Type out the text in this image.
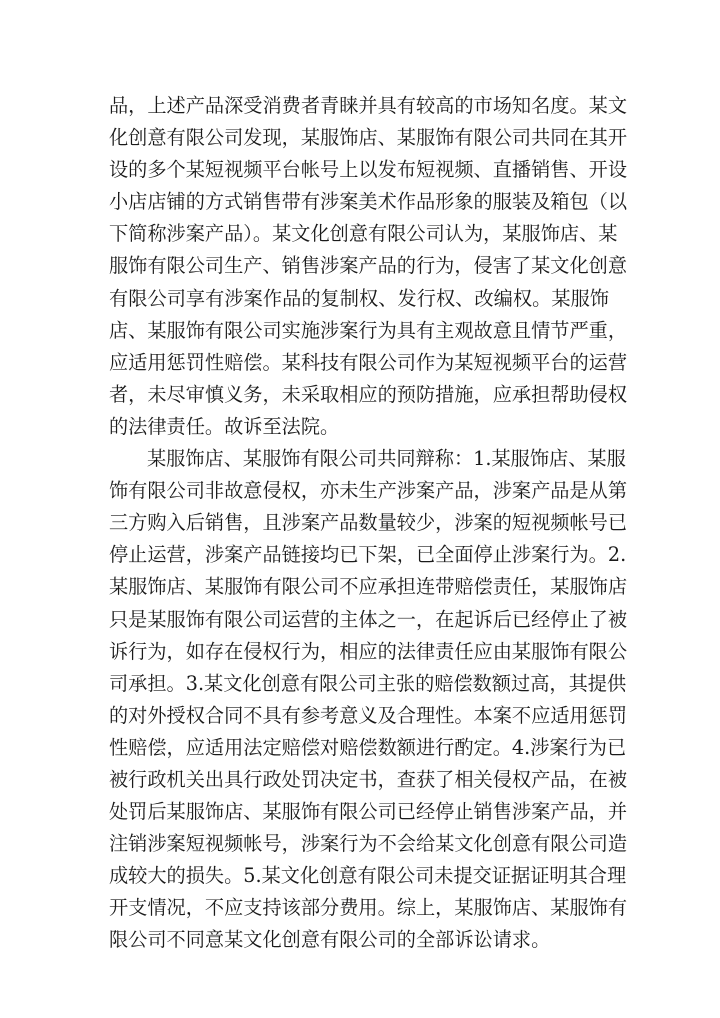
品，上述产品深受消费者青睐并具有较高的市场知名度。某文
化创意有限公司发现，某服饰店、某服饰有限公司共同在其开
设的多个某短视频平台帐号上以发布短视频、直播销售、开设
小店店铺的方式销售带有涉案美术作品形象的服装及箱包（以
下简称涉案产品）。某文化创意有限公司认为，某服饰店、某
服饰有限公司生产、销售涉案产品的行为，侵害了某文化创意
有限公司享有涉案作品的复制权、发行权、改编权。某服饰
店、某服饰有限公司实施涉案行为具有主观故意且情节严重，
应适用惩罚性赔偿。某科技有限公司作为某短视频平台的运营
者，未尽审慎义务，未采取相应的预防措施，应承担帮助侵权
的法律责任。故诉至法院。
某服饰店、某服饰有限公司共同辩称：1.某服饰店、某服
饰有限公司非故意侵权，亦未生产涉案产品，涉案产品是从第
三方购入后销售，且涉案产品数量较少，涉案的短视频帐号已
停止运营，涉案产品链接均已下架，已全面停止涉案行为。2.
某服饰店、某服饰有限公司不应承担连带赔偿责任，某服饰店
只是某服饰有限公司运营的主体之一，在起诉后已经停止了被
诉行为，如存在侵权行为，相应的法律责任应由某服饰有限公
司承担。3.某文化创意有限公司主张的赔偿数额过高，其提供
的对外授权合同不具有参考意义及合理性。本案不应适用惩罚
性赔偿，应适用法定赔偿对赔偿数额进行酌定。4.涉案行为已
被行政机关出具行政处罚决定书，查获了相关侵权产品，在被
处罚后某服饰店、某服饰有限公司已经停止销售涉案产品，并
注销涉案短视频帐号，涉案行为不会给某文化创意有限公司造
成较大的损失。5.某文化创意有限公司未提交证据证明其合理
开支情况，不应支持该部分费用。综上，某服饰店、某服饰有
限公司不同意某文化创意有限公司的全部诉讼请求。
